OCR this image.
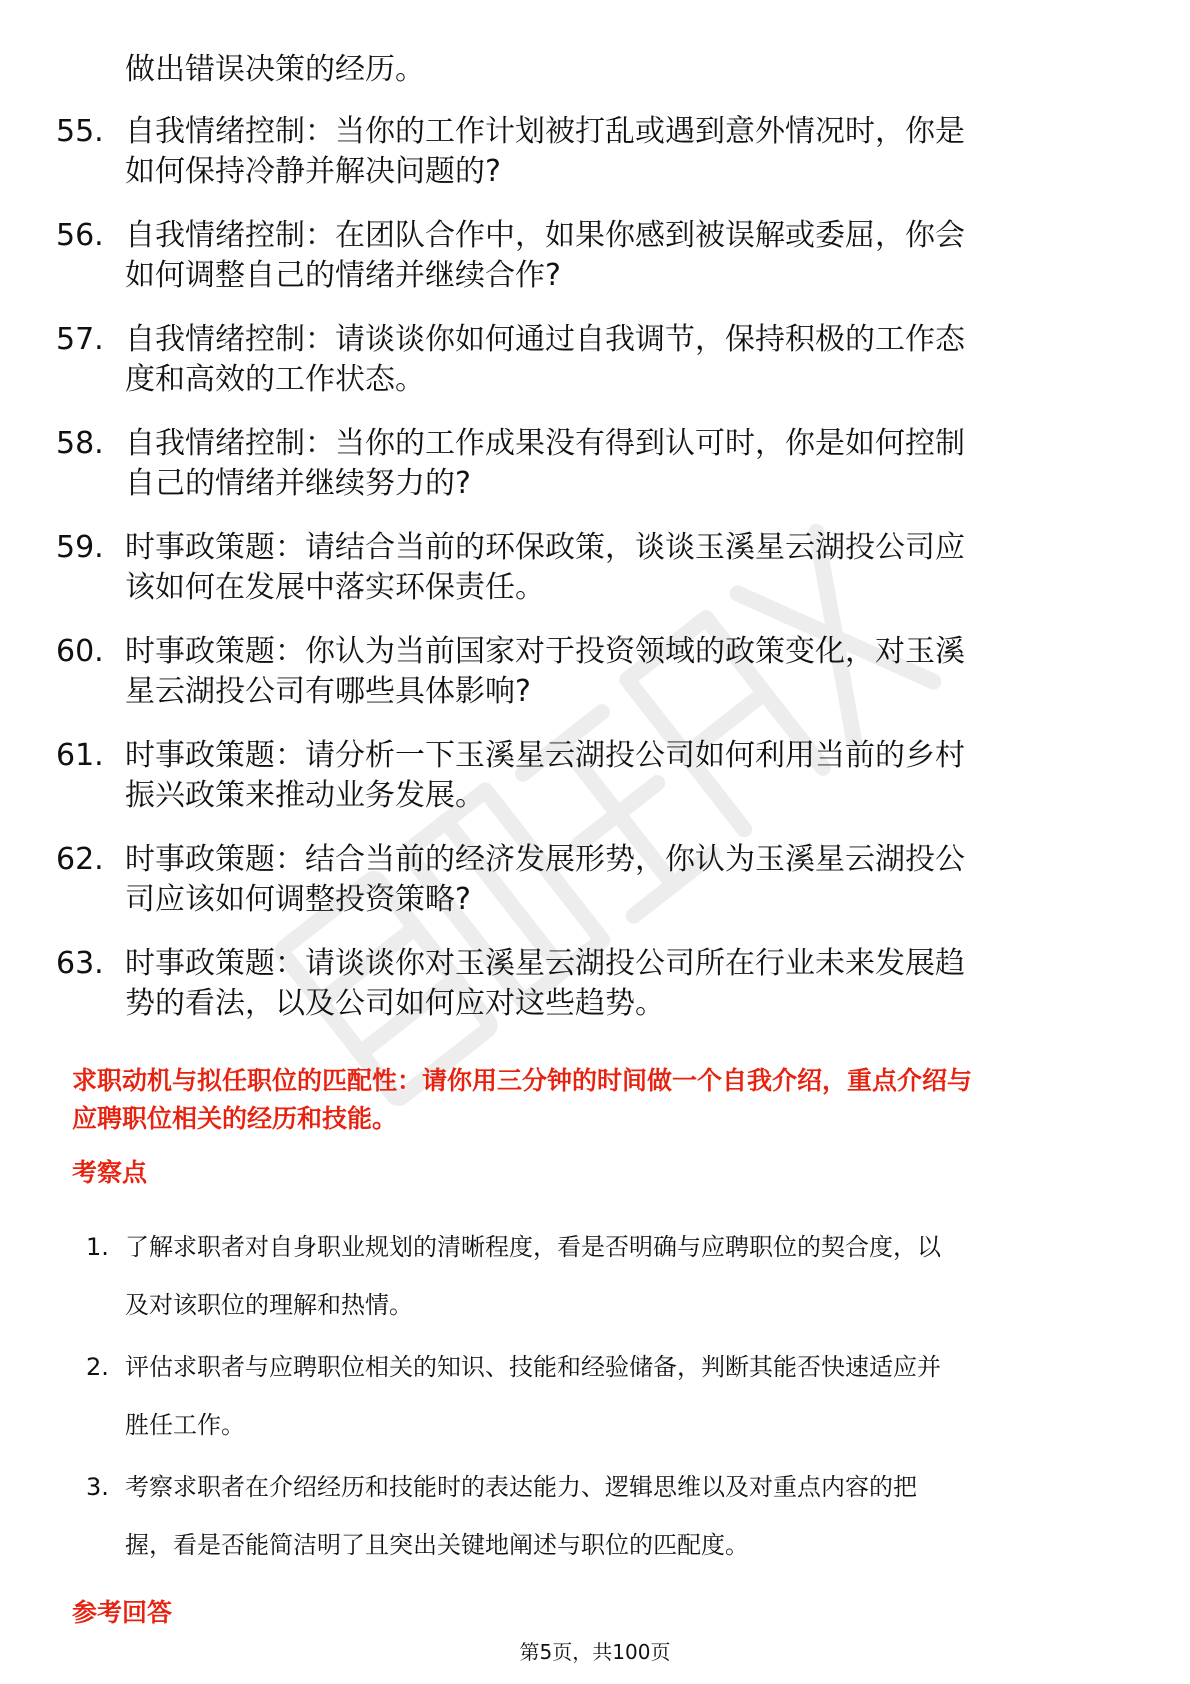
做出错误决策的经历。

55. 自我情绪控制：当你的工作计划被打乱或遇到意外情况时，你是
如何保持冷静并解决问题的?

56. 自我情绪控制：在团队合作中，如果你感到被误解或委屈，你会
如何调整自己的情绪并继续合作?

57. 自我情绪控制：请谈谈你如何通过自我调节，保持积极的工作态
度和高效的工作状态。

58. 自我情绪控制：当你的工作成果没有得到认可时，你是如何控制
自己的情绪并继续努力的?

59. 时事政策题：请结合当前的环保政策，谈谈玉溪星云湖投公司应
该如何在发展中落实环保责任。

60. 时事政策题：你认为当前国家对于投资领域的政策变化，对玉溪
星云湖投公司有哪些具体影响?

61. 时事政策题：请分析一下玉溪星云湖投公司如何利用当前的乡村
振兴政策来推动业务发展。

62. 时事政策题：结合当前的经济发展形势，你认为玉溪星云湖投公
司应该如何调整投资策略?

63. 时事政策题：请谈谈你对玉溪星云湖投公司所在行业未来发展趋
势的看法，以及公司如何应对这些趋势。

求职动机与拟任职位的匹配性：请你用三分钟的时间做一个自我介绍，重点介绍与
应聘职位相关的经历和技能。
考察点
1. 了解求职者对自身职业规划的清晰程度，看是否明确与应聘职位的契合度，以
及对该职位的理解和热情。

2. 评估求职者与应聘职位相关的知识、技能和经验储备，判断其能否快速适应并
胜任工作。

3. 考察求职者在介绍经历和技能时的表达能力、逻辑思维以及对重点内容的把
握，看是否能简洁明了且突出关键地阐述与职位的匹配度。

参考回答
第5页，共100页
